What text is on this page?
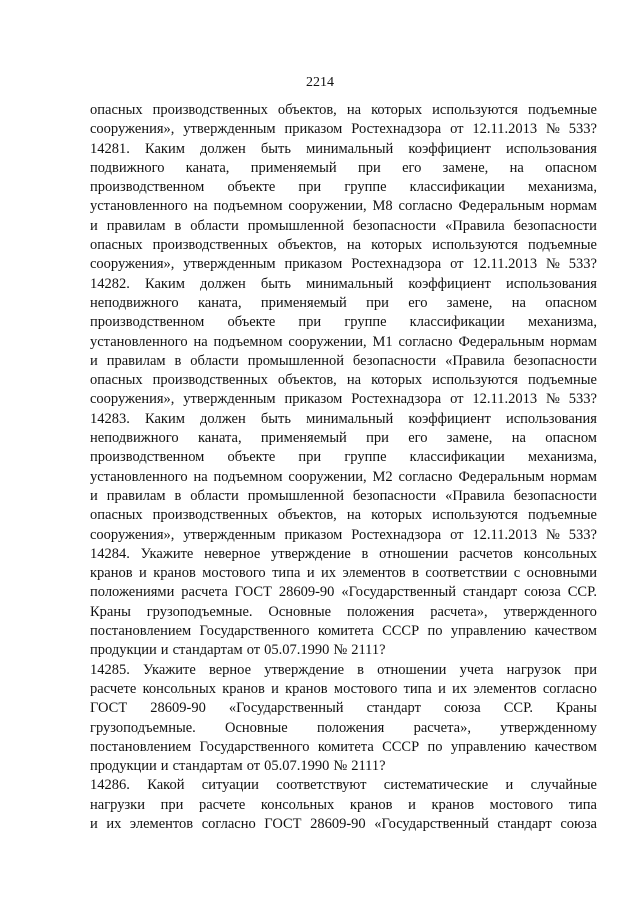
2214
опасных производственных объектов, на которых используются подъемные
сооружения», утвержденным приказом Ростехнадзора от 12.11.2013 № 533?
14281. Каким должен быть минимальный коэффициент использования
подвижного каната, применяемый при его замене, на опасном
производственном объекте при группе классификации механизма,
установленного на подъемном сооружении, М8 согласно Федеральным нормам
и правилам в области промышленной безопасности «Правила безопасности
опасных производственных объектов, на которых используются подъемные
сооружения», утвержденным приказом Ростехнадзора от 12.11.2013 № 533?
14282. Каким должен быть минимальный коэффициент использования
неподвижного каната, применяемый при его замене, на опасном
производственном объекте при группе классификации механизма,
установленного на подъемном сооружении, М1 согласно Федеральным нормам
и правилам в области промышленной безопасности «Правила безопасности
опасных производственных объектов, на которых используются подъемные
сооружения», утвержденным приказом Ростехнадзора от 12.11.2013 № 533?
14283. Каким должен быть минимальный коэффициент использования
неподвижного каната, применяемый при его замене, на опасном
производственном объекте при группе классификации механизма,
установленного на подъемном сооружении, М2 согласно Федеральным нормам
и правилам в области промышленной безопасности «Правила безопасности
опасных производственных объектов, на которых используются подъемные
сооружения», утвержденным приказом Ростехнадзора от 12.11.2013 № 533?
14284. Укажите неверное утверждение в отношении расчетов консольных
кранов и кранов мостового типа и их элементов в соответствии с основными
положениями расчета ГОСТ 28609-90 «Государственный стандарт союза ССР.
Краны грузоподъемные. Основные положения расчета», утвержденного
постановлением Государственного комитета СССР по управлению качеством
продукции и стандартам от 05.07.1990 № 2111?
14285. Укажите верное утверждение в отношении учета нагрузок при
расчете консольных кранов и кранов мостового типа и их элементов согласно
ГОСТ 28609-90 «Государственный стандарт союза ССР. Краны
грузоподъемные. Основные положения расчета», утвержденному
постановлением Государственного комитета СССР по управлению качеством
продукции и стандартам от 05.07.1990 № 2111?
14286. Какой ситуации соответствуют систематические и случайные
нагрузки при расчете консольных кранов и кранов мостового типа
и их элементов согласно ГОСТ 28609-90 «Государственный стандарт союза
